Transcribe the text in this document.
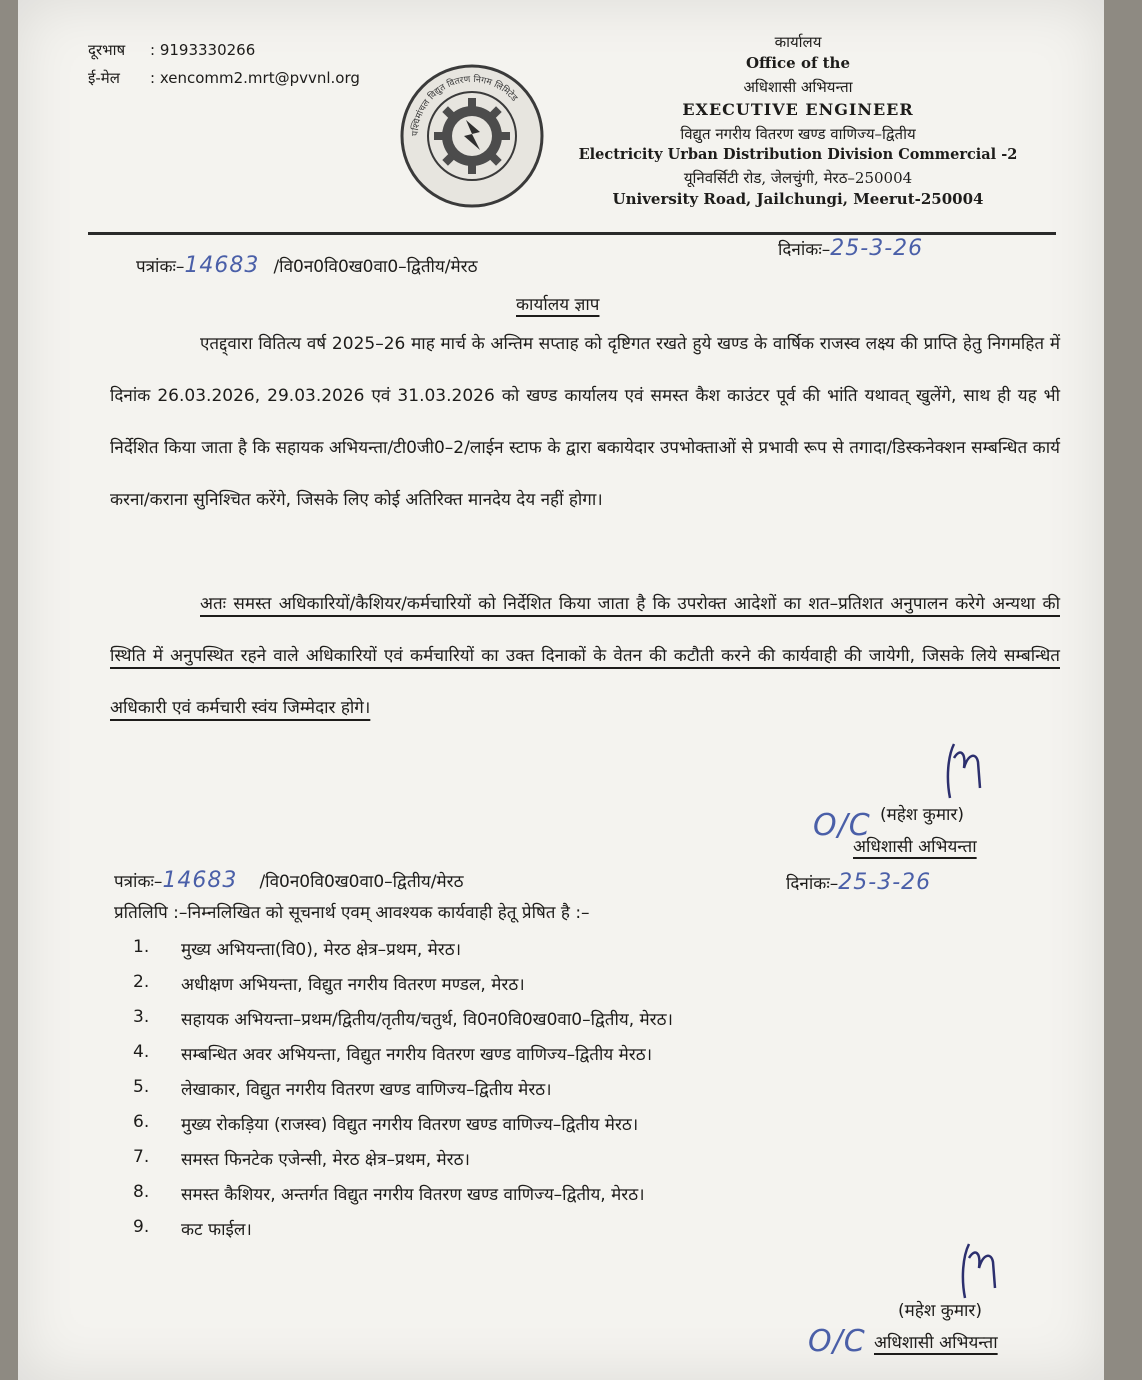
दूरभाष : 9193330266
ई-मेल : xencomm2.mrt@pvvnl.org
पश्चिमांचल विद्युत वितरण निगम लिमिटेड
कार्यालय
Office of the
अधिशासी अभियन्ता
EXECUTIVE ENGINEER
विद्युत नगरीय वितरण खण्ड वाणिज्य–द्वितीय
Electricity Urban Distribution Division Commercial -2
यूनिवर्सिटी रोड, जेलचुंगी, मेरठ–250004
University Road, Jailchungi, Meerut-250004
पत्रांकः–14683 /वि0न0वि0ख0वा0–द्वितीय/मेरठ
दिनांकः–25-3-26
कार्यालय ज्ञाप
एतद्द्वारा वितित्य वर्ष 2025–26 माह मार्च के अन्तिम सप्ताह को दृष्टिगत रखते हुये खण्ड के वार्षिक राजस्व लक्ष्य की प्राप्ति हेतु निगमहित में दिनांक 26.03.2026, 29.03.2026 एवं 31.03.2026 को खण्ड कार्यालय एवं समस्त कैश काउंटर पूर्व की भांति यथावत् खुलेंगे, साथ ही यह भी निर्देशित किया जाता है कि सहायक अभियन्ता/टी0जी0–2/लाईन स्टाफ के द्वारा बकायेदार उपभोक्ताओं से प्रभावी रूप से तगादा/डिस्कनेक्शन सम्बन्धित कार्य करना/कराना सुनिश्चित करेंगे, जिसके लिए कोई अतिरिक्त मानदेय देय नहीं होगा।
अतः समस्त अधिकारियों/कैशियर/कर्मचारियों को निर्देशित किया जाता है कि उपरोक्त आदेशों का शत–प्रतिशत अनुपालन करेगे अन्यथा की स्थिति में अनुपस्थित रहने वाले अधिकारियों एवं कर्मचारियों का उक्त दिनाकों के वेतन की कटौती करने की कार्यवाही की जायेगी, जिसके लिये सम्बन्धित अधिकारी एवं कर्मचारी स्वंय जिम्मेदार होगे।
O/C (महेश कुमार)
अधिशासी अभियन्ता
पत्रांकः–14683 /वि0न0वि0ख0वा0–द्वितीय/मेरठ	दिनांकः–25-3-26
प्रतिलिपि :–निम्नलिखित को सूचनार्थ एवम् आवश्यक कार्यवाही हेतू प्रेषित है :–
1.	मुख्य अभियन्ता(वि0), मेरठ क्षेत्र–प्रथम, मेरठ।
2.	अधीक्षण अभियन्ता, विद्युत नगरीय वितरण मण्डल, मेरठ।
3.	सहायक अभियन्ता–प्रथम/द्वितीय/तृतीय/चतुर्थ, वि0न0वि0ख0वा0–द्वितीय, मेरठ।
4.	सम्बन्धित अवर अभियन्ता, विद्युत नगरीय वितरण खण्ड वाणिज्य–द्वितीय मेरठ।
5.	लेखाकार, विद्युत नगरीय वितरण खण्ड वाणिज्य–द्वितीय मेरठ।
6.	मुख्य रोकड़िया (राजस्व) विद्युत नगरीय वितरण खण्ड वाणिज्य–द्वितीय मेरठ।
7.	समस्त फिनटेक एजेन्सी, मेरठ क्षेत्र–प्रथम, मेरठ।
8.	समस्त कैशियर, अन्तर्गत विद्युत नगरीय वितरण खण्ड वाणिज्य–द्वितीय, मेरठ।
9.	कट फाईल।
(महेश कुमार)
O/C अधिशासी अभियन्ता
